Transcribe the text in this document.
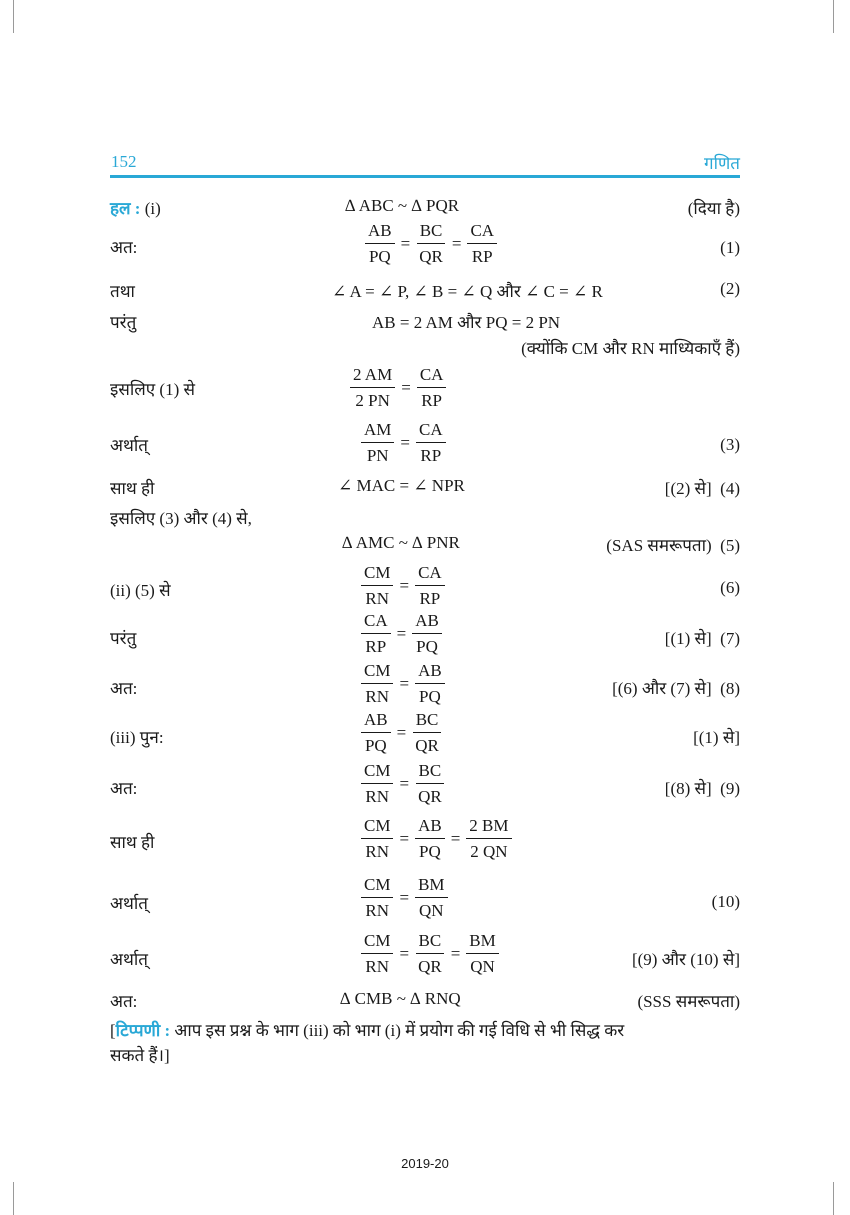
152	गणित
हल : (i)	∆ ABC ~ ∆ PQR	(दिया है)
अत:	$\frac{AB}{PQ} = \frac{BC}{QR} = \frac{CA}{RP}$	(1)
तथा	∠ A = ∠ P, ∠ B = ∠ Q और ∠ C = ∠ R	(2)
परंतु	AB = 2 AM और PQ = 2 PN
(क्योंकि CM और RN माध्यिकाएँ हैं)
इसलिए (1) से	$\frac{2 AM}{2 PN} = \frac{CA}{RP}$
अर्थात्	$\frac{AM}{PN} = \frac{CA}{RP}$	(3)
साथ ही	∠ MAC = ∠ NPR	[(2) से] (4)
इसलिए (3) और (4) से,
∆ AMC ~ ∆ PNR	(SAS समरूपता) (5)
(ii) (5) से	$\frac{CM}{RN} = \frac{CA}{RP}$	(6)
परंतु	$\frac{CA}{RP} = \frac{AB}{PQ}$	[(1) से] (7)
अत:	$\frac{CM}{RN} = \frac{AB}{PQ}$	[(6) और (7) से] (8)
(iii) पुन:	$\frac{AB}{PQ} = \frac{BC}{QR}$	[(1) से]
अत:	$\frac{CM}{RN} = \frac{BC}{QR}$	[(8) से] (9)
साथ ही	$\frac{CM}{RN} = \frac{AB}{PQ} = \frac{2 BM}{2 QN}$
अर्थात्	$\frac{CM}{RN} = \frac{BM}{QN}$	(10)
अर्थात्	$\frac{CM}{RN} = \frac{BC}{QR} = \frac{BM}{QN}$	[(9) और (10) से]
अत:	∆ CMB ~ ∆ RNQ	(SSS समरूपता)
[टिप्पणी : आप इस प्रश्न के भाग (iii) को भाग (i) में प्रयोग की गई विधि से भी सिद्ध कर
सकते हैं।]
2019-20
